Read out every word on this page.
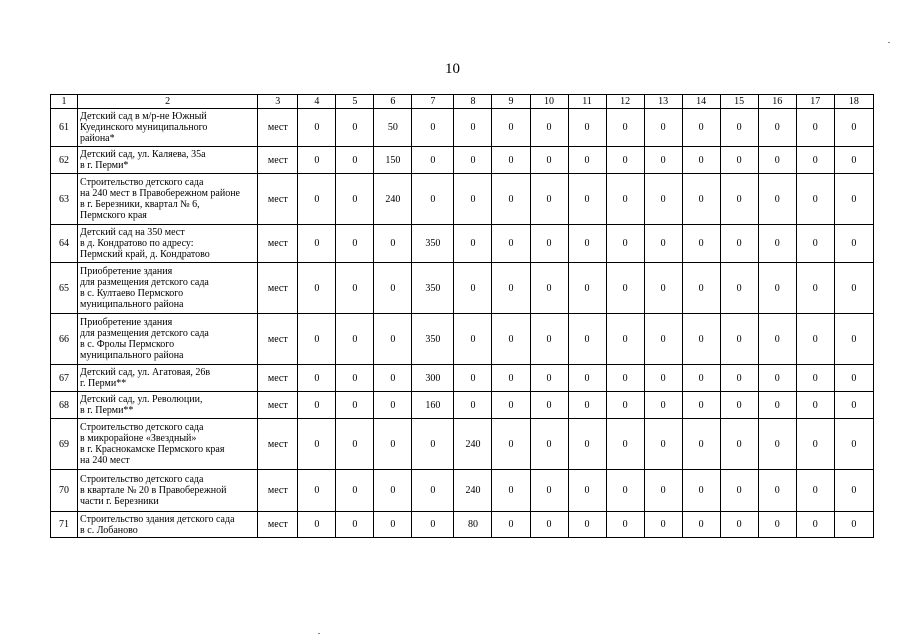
10
1	2	3	4	5	6	7	8	9	10	11	12	13	14	15	16	17	18
61	Детский сад в м/р-не Южный
Куединского муниципального
района*	мест	0	0	50	0	0	0	0	0	0	0	0	0	0	0	0
62	Детский сад, ул. Каляева, 35а
в г. Перми*	мест	0	0	150	0	0	0	0	0	0	0	0	0	0	0	0
63	Строительство детского сада
на 240 мест в Правобережном районе
в г. Березники, квартал № 6,
Пермского края	мест	0	0	240	0	0	0	0	0	0	0	0	0	0	0	0
64	Детский сад на 350 мест
в д. Кондратово по адресу:
Пермский край, д. Кондратово	мест	0	0	0	350	0	0	0	0	0	0	0	0	0	0	0
65	Приобретение здания
для размещения детского сада
в с. Култаево Пермского
муниципального района	мест	0	0	0	350	0	0	0	0	0	0	0	0	0	0	0
66	Приобретение здания
для размещения детского сада
в с. Фролы Пермского
муниципального района	мест	0	0	0	350	0	0	0	0	0	0	0	0	0	0	0
67	Детский сад, ул. Агатовая, 26в
г. Перми**	мест	0	0	0	300	0	0	0	0	0	0	0	0	0	0	0
68	Детский сад, ул. Революции,
в г. Перми**	мест	0	0	0	160	0	0	0	0	0	0	0	0	0	0	0
69	Строительство детского сада
в микрорайоне «Звездный»
в г. Краснокамске Пермского края
на 240 мест	мест	0	0	0	0	240	0	0	0	0	0	0	0	0	0	0
70	Строительство детского сада
в квартале № 20 в Правобережной
части г. Березники	мест	0	0	0	0	240	0	0	0	0	0	0	0	0	0	0
71	Строительство здания детского сада
в с. Лобаново	мест	0	0	0	0	80	0	0	0	0	0	0	0	0	0	0
